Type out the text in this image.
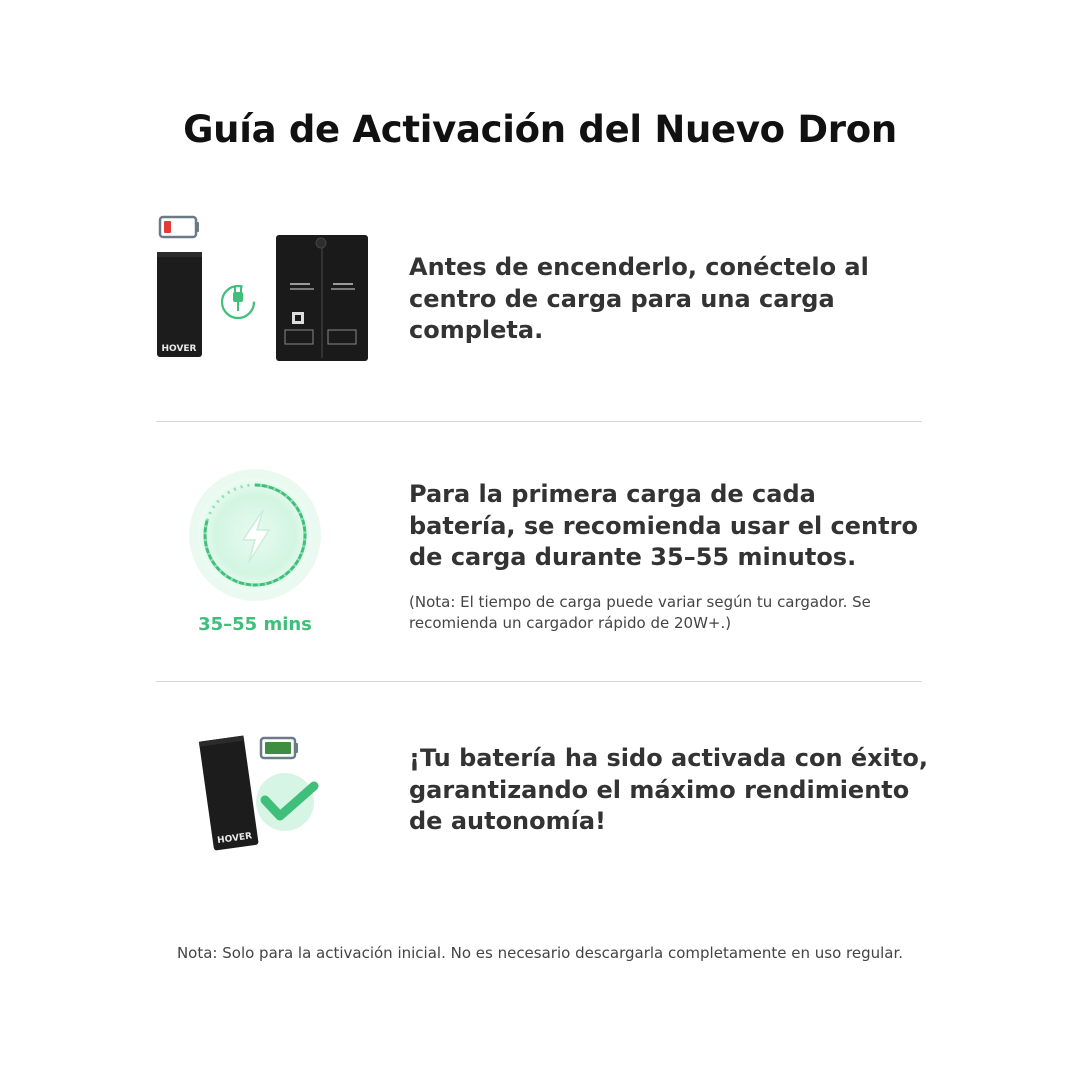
Guía de Activación del Nuevo Dron
HOVER
Antes de encenderlo, conéctelo al centro de carga para una carga completa.
35–55 mins
Para la primera carga de cada batería, se recomienda usar el centro de carga durante 35–55 minutos.
(Nota: El tiempo de carga puede variar según tu cargador. Se recomienda un cargador rápido de 20W+.)
HOVER
¡Tu batería ha sido activada con éxito, garantizando el máximo rendimiento de autonomía!
Nota: Solo para la activación inicial. No es necesario descargarla completamente en uso regular.
